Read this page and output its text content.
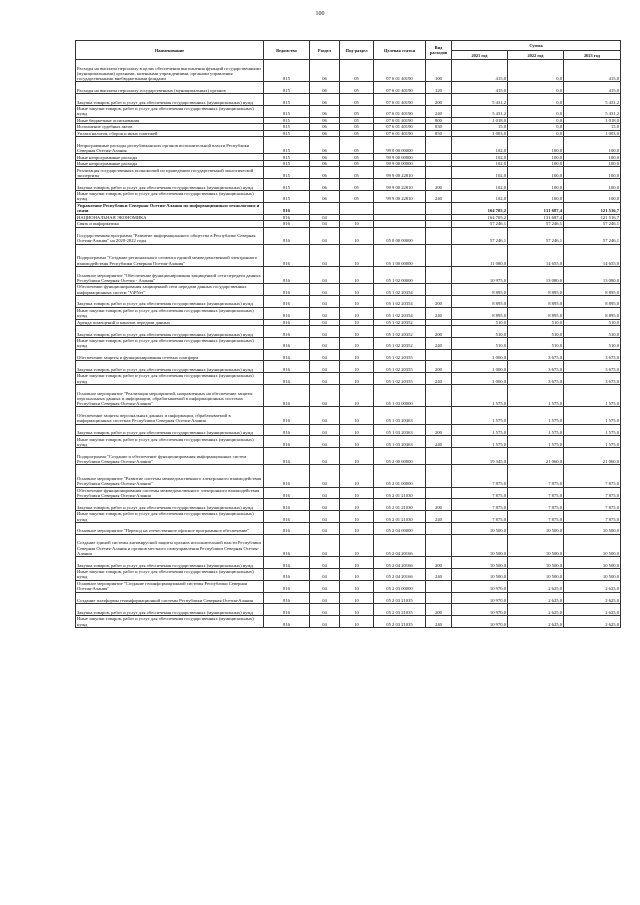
100
Наименование	Ведомство	Раздел	Под-раздел	Целевая статья	Вид расходов	Сумма		
						2021 год	2022 год	2023 год
Расходы на выплаты персоналу в целях обеспечения выполнения функций государственными (муниципальными) органами, казенными учреждениями, органами управления государственными внебюджетными фондами	815	06	05	07 6 01 40190	100	415,0	0,0	415,0
Расходы на выплаты персоналу государственных (муниципальных) органов	815	06	05	07 6 01 40190	120	415,0	0,0	415,0
Закупка товаров, работ и услуг для обеспечения государственных (муниципальных) нужд	815	06	05	07 6 01 40190	200	5 431,2	0,0	5 431,2
Иные закупки товаров, работ и услуг для обеспечения государственных (муниципальных) нужд	815	06	05	07 6 01 40190	240	5 431,2	0,0	5 431,2
Иные бюджетные ассигнования	815	06	05	07 6 01 40190	800	1 018,0	0,0	1 018,0
Исполнение судебных актов	815	06	05	07 6 01 40190	830	15,0	0,0	15,0
Уплата налогов, сборов и иных платежей	815	06	05	07 6 01 40190	850	1 003,0	0,0	1 003,0
Непрограммные расходы республиканских органов исполнительной власти Республики Северная Осетия-Алания	815	06	05	99 0 00 00000		102,0	100,0	100,0
Иные непрограммные расходы	815	06	05	99 9 00 00000		102,0	100,0	100,0
Иные непрограммные расходы	815	06	05	99 9 00 00000		102,0	100,0	100,0
Реализация государственных полномочий по проведению государственной экологической экспертизы	815	06	05	99 9 00 22810		102,0	100,0	100,0
Закупка товаров, работ и услуг для обеспечения государственных (муниципальных) нужд	815	06	05	99 9 00 22810	200	102,0	100,0	100,0
Иные закупки товаров, работ и услуг для обеспечения государственных (муниципальных) нужд	815	06	05	99 9 00 22810	240	102,0	100,0	100,0
Управление Республики Северная Осетия-Алания по информационным технологиям и связи	816					164 705,2	131 687,4	121 516,7
НАЦИОНАЛЬНАЯ ЭКОНОМИКА	816	04				164 705,2	131 687,4	121 516,7
Связь и информатика	816	04	10			57 246,1	57 246,1	57 246,1
Государственная программа "Развитие информационного общества в Республике Северная Осетия-Алания" на 2020-2022 годы	816	04	10	05 0 00 00000		57 246,1	57 246,1	57 246,1
Подпрограмма "Создание регионального сегмента единой межведомственной электронного взаимодействия Республики Северная Осетия-Алания"	816	04	10	05 1 00 00000		11 080,0	14 655,0	14 655,0
Основное мероприятие "Обеспечение функционирования защищенной сети передачи данных Республики Северная Осетия - Алания"	816	04	10	05 1 02 00000		10 975,0	13 080,0	13 080,0
Обеспечение функционирования защищенной сети передачи данных государственных информационных систем "ViPNet"	816	04	10	05 1 02 20354		8 895,0	8 895,0	8 895,0
Закупка товаров, работ и услуг для обеспечения государственных (муниципальных) нужд	816	04	10	05 1 02 20354	200	8 895,0	8 895,0	8 895,0
Иные закупки товаров, работ и услуг для обеспечения государственных (муниципальных) нужд	816	04	10	05 1 02 20354	240	8 895,0	8 895,0	8 895,0
Аренда помещений и каналов передачи данных	816	04	10	05 1 02 20352		510,0	510,0	510,0
Закупка товаров, работ и услуг для обеспечения государственных (муниципальных) нужд	816	04	10	05 1 02 20352	200	510,0	510,0	510,0
Иные закупки товаров, работ и услуг для обеспечения государственных (муниципальных) нужд	816	04	10	05 1 02 20352	240	510,0	510,0	510,0
Обеспечение защиты и функционирования сетевых платформ	816	04	10	05 1 02 20355		1 000,0	3 675,0	3 675,0
Закупка товаров, работ и услуг для обеспечения государственных (муниципальных) нужд	816	04	10	05 1 02 20355	200	1 000,0	3 675,0	3 675,0
Иные закупки товаров, работ и услуг для обеспечения государственных (муниципальных) нужд	816	04	10	05 1 02 20355	240	1 000,0	3 675,0	3 675,0
Основное мероприятие "Реализация мероприятий, направленных на обеспечение защиты персональных данных и информации, обрабатываемой в информационных системах Республики Северная Осетия-Алания"	816	04	10	05 1 03 00000		1 575,0	1 575,0	1 575,0
Обеспечение защиты персональных данных и информации, обрабатываемой в информационных системах Республики Северная Осетия-Алания	816	04	10	05 1 03 20363		1 575,0	1 575,0	1 575,0
Закупка товаров, работ и услуг для обеспечения государственных (муниципальных) нужд	816	04	10	05 1 03 20363	200	1 575,0	1 575,0	1 575,0
Иные закупки товаров, работ и услуг для обеспечения государственных (муниципальных) нужд	816	04	10	05 1 03 20363	240	1 575,0	1 575,0	1 575,0
Подпрограмма "Создание и обеспечение функционирования информационных систем Республики Северная Осетия-Алания"	816	04	10	05 2 00 00000		19 345,0	21 060,0	21 060,0
Основное мероприятие "Развитие системы межведомственного электронного взаимодействия Республики Северная Осетия-Алания"	816	04	10	05 2 01 00000		7 875,0	7 875,0	7 875,0
Обеспечение функционирования системы межведомственного электронного взаимодействия Республики Северная Осетия-Алания	816	04	10	05 2 01 21030		7 875,0	7 875,0	7 875,0
Закупка товаров, работ и услуг для обеспечения государственных (муниципальных) нужд	816	04	10	05 2 01 21030	200	7 875,0	7 875,0	7 875,0
Иные закупки товаров, работ и услуг для обеспечения государственных (муниципальных) нужд	816	04	10	05 2 01 21030	240	7 875,0	7 875,0	7 875,0
Основное мероприятие "Переход на отечественное офисное программное обеспечение"	816	04	10	05 2 04 00000		10 500,0	10 500,0	10 500,0
Создание единой системы антивирусной защиты органов исполнительной власти Республики Северная Осетия-Алания и органов местного самоуправления Республики Северная Осетия-Алания	816	04	10	05 2 04 20166		10 500,0	10 500,0	10 500,0
Закупка товаров, работ и услуг для обеспечения государственных (муниципальных) нужд	816	04	10	05 2 04 20166	200	10 500,0	10 500,0	10 500,0
Иные закупки товаров, работ и услуг для обеспечения государственных (муниципальных) нужд	816	04	10	05 2 04 20166	240	10 500,0	10 500,0	10 500,0
Основное мероприятие "Создание геоинформационной системы Республики Северная Осетия-Алания"	816	04	10	05 2 03 00000		10 970,0	2 625,0	2 625,0
Создание платформы геоинформационной системы Республики Северная Осетия-Алания	816	04	10	05 2 03 21035		10 970,0	2 625,0	2 625,0
Закупка товаров, работ и услуг для обеспечения государственных (муниципальных) нужд	816	04	10	05 2 03 21035	200	10 970,0	2 625,0	2 625,0
Иные закупки товаров, работ и услуг для обеспечения государственных (муниципальных) нужд	816	04	10	05 2 03 21035	240	10 970,0	2 625,0	2 625,0
